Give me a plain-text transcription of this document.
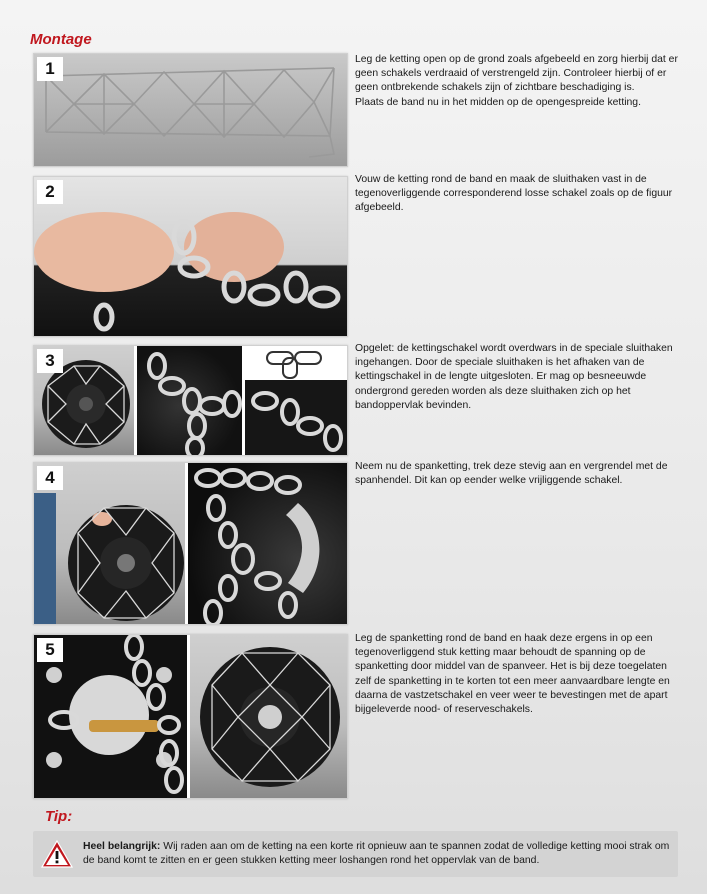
Montage
1	Leg de ketting open op de grond zoals afgebeeld en zorg hierbij dat er geen schakels verdraaid of verstrengeld zijn. Controleer hierbij of er geen ontbrekende schakels zijn of zichtbare beschadiging is.

Plaats de band nu in het midden op de opengespreide ketting.

2

Vouw de ketting rond de band en maak de sluithaken vast in de tegenoverliggende corresponderend losse schakel zoals op de figuur afgebeeld.

3

Opgelet: de kettingschakel wordt overdwars in de speciale sluithaken ingehangen. Door de speciale sluithaken is het afhaken van de kettingschakel in de lengte uitgesloten. Er mag op besneeuwde ondergrond gereden worden als deze sluithaken zich op het bandoppervlak bevinden.

4

Neem nu de spanketting, trek deze stevig aan en vergrendel met de spanhendel. Dit kan op eender welke vrijliggende schakel.

5

Leg de spanketting rond de band en haak deze ergens in op een tegenoverliggend stuk ketting maar behoudt de spanning op de spanketting door middel van de spanveer. Het is bij deze toegelaten zelf de spanketting in te korten tot een meer aanvaardbare lengte en daarna de vastzetschakel en veer weer te bevestingen met de apart bijgeleverde nood- of reserveschakels.

Tip:
Heel belangrijk: Wij raden aan om de ketting na een korte rit opnieuw aan te spannen zodat de volledige ketting mooi strak om de band komt te zitten en er geen stukken ketting meer loshangen rond het oppervlak van de band.
